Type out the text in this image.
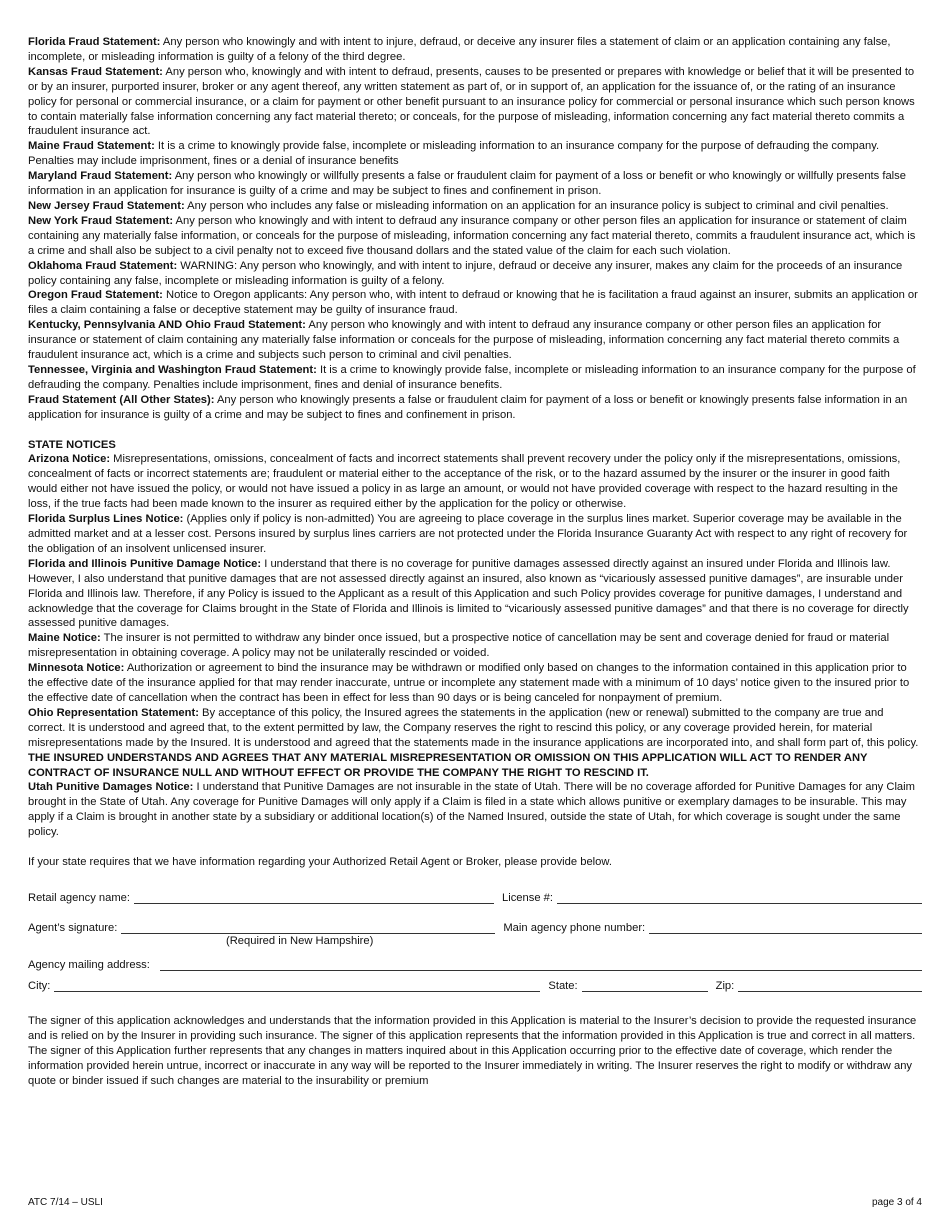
Florida Fraud Statement: Any person who knowingly and with intent to injure, defraud, or deceive any insurer files a statement of claim or an application containing any false, incomplete, or misleading information is guilty of a felony of the third degree.

Kansas Fraud Statement: Any person who, knowingly and with intent to defraud, presents, causes to be presented or prepares with knowledge or belief that it will be presented to or by an insurer, purported insurer, broker or any agent thereof, any written statement as part of, or in support of, an application for the issuance of, or the rating of an insurance policy for personal or commercial insurance, or a claim for payment or other benefit pursuant to an insurance policy for commercial or personal insurance which such person knows to contain materially false information concerning any fact material thereto; or conceals, for the purpose of misleading, information concerning any fact material thereto commits a fraudulent insurance act.

Maine Fraud Statement: It is a crime to knowingly provide false, incomplete or misleading information to an insurance company for the purpose of defrauding the company. Penalties may include imprisonment, fines or a denial of insurance benefits

Maryland Fraud Statement: Any person who knowingly or willfully presents a false or fraudulent claim for payment of a loss or benefit or who knowingly or willfully presents false information in an application for insurance is guilty of a crime and may be subject to fines and confinement in prison.

New Jersey Fraud Statement: Any person who includes any false or misleading information on an application for an insurance policy is subject to criminal and civil penalties.

New York Fraud Statement: Any person who knowingly and with intent to defraud any insurance company or other person files an application for insurance or statement of claim containing any materially false information, or conceals for the purpose of misleading, information concerning any fact material thereto, commits a fraudulent insurance act, which is a crime and shall also be subject to a civil penalty not to exceed five thousand dollars and the stated value of the claim for each such violation.

Oklahoma Fraud Statement: WARNING: Any person who knowingly, and with intent to injure, defraud or deceive any insurer, makes any claim for the proceeds of an insurance policy containing any false, incomplete or misleading information is guilty of a felony.

Oregon Fraud Statement: Notice to Oregon applicants: Any person who, with intent to defraud or knowing that he is facilitation a fraud against an insurer, submits an application or files a claim containing a false or deceptive statement may be guilty of insurance fraud.

Kentucky, Pennsylvania AND Ohio Fraud Statement: Any person who knowingly and with intent to defraud any insurance company or other person files an application for insurance or statement of claim containing any materially false information or conceals for the purpose of misleading, information concerning any fact material thereto commits a fraudulent insurance act, which is a crime and subjects such person to criminal and civil penalties.

Tennessee, Virginia and Washington Fraud Statement: It is a crime to knowingly provide false, incomplete or misleading information to an insurance company for the purpose of defrauding the company. Penalties include imprisonment, fines and denial of insurance benefits.

Fraud Statement (All Other States): Any person who knowingly presents a false or fraudulent claim for payment of a loss or benefit or knowingly presents false information in an application for insurance is guilty of a crime and may be subject to fines and confinement in prison.

STATE NOTICES

Arizona Notice: Misrepresentations, omissions, concealment of facts and incorrect statements shall prevent recovery under the policy only if the misrepresentations, omissions, concealment of facts or incorrect statements are; fraudulent or material either to the acceptance of the risk, or to the hazard assumed by the insurer or the insurer in good faith would either not have issued the policy, or would not have issued a policy in as large an amount, or would not have provided coverage with respect to the hazard resulting in the loss, if the true facts had been made known to the insurer as required either by the application for the policy or otherwise.

Florida Surplus Lines Notice: (Applies only if policy is non-admitted) You are agreeing to place coverage in the surplus lines market. Superior coverage may be available in the admitted market and at a lesser cost. Persons insured by surplus lines carriers are not protected under the Florida Insurance Guaranty Act with respect to any right of recovery for the obligation of an insolvent unlicensed insurer.

Florida and Illinois Punitive Damage Notice: I understand that there is no coverage for punitive damages assessed directly against an insured under Florida and Illinois law. However, I also understand that punitive damages that are not assessed directly against an insured, also known as “vicariously assessed punitive damages”, are insurable under Florida and Illinois law. Therefore, if any Policy is issued to the Applicant as a result of this Application and such Policy provides coverage for punitive damages, I understand and acknowledge that the coverage for Claims brought in the State of Florida and Illinois is limited to “vicariously assessed punitive damages” and that there is no coverage for directly assessed punitive damages.

Maine Notice: The insurer is not permitted to withdraw any binder once issued, but a prospective notice of cancellation may be sent and coverage denied for fraud or material misrepresentation in obtaining coverage. A policy may not be unilaterally rescinded or voided.

Minnesota Notice: Authorization or agreement to bind the insurance may be withdrawn or modified only based on changes to the information contained in this application prior to the effective date of the insurance applied for that may render inaccurate, untrue or incomplete any statement made with a minimum of 10 days’ notice given to the insured prior to the effective date of cancellation when the contract has been in effect for less than 90 days or is being canceled for nonpayment of premium.

Ohio Representation Statement: By acceptance of this policy, the Insured agrees the statements in the application (new or renewal) submitted to the company are true and correct. It is understood and agreed that, to the extent permitted by law, the Company reserves the right to rescind this policy, or any coverage provided herein, for material misrepresentations made by the Insured. It is understood and agreed that the statements made in the insurance applications are incorporated into, and shall form part of, this policy. THE INSURED UNDERSTANDS AND AGREES THAT ANY MATERIAL MISREPRESENTATION OR OMISSION ON THIS APPLICATION WILL ACT TO RENDER ANY CONTRACT OF INSURANCE NULL AND WITHOUT EFFECT OR PROVIDE THE COMPANY THE RIGHT TO RESCIND IT.

Utah Punitive Damages Notice: I understand that Punitive Damages are not insurable in the state of Utah. There will be no coverage afforded for Punitive Damages for any Claim brought in the State of Utah. Any coverage for Punitive Damages will only apply if a Claim is filed in a state which allows punitive or exemplary damages to be insurable. This may apply if a Claim is brought in another state by a subsidiary or additional location(s) of the Named Insured, outside the state of Utah, for which coverage is sought under the same policy.

If your state requires that we have information regarding your Authorized Retail Agent or Broker, please provide below.

Retail agency name:	License #:
Agent’s signature:	Main agency phone number:
(Required in New Hampshire)
Agency mailing address:
City:	State:	Zip:

The signer of this application acknowledges and understands that the information provided in this Application is material to the Insurer’s decision to provide the requested insurance and is relied on by the Insurer in providing such insurance. The signer of this application represents that the information provided in this Application is true and correct in all matters. The signer of this Application further represents that any changes in matters inquired about in this Application occurring prior to the effective date of coverage, which render the information provided herein untrue, incorrect or inaccurate in any way will be reported to the Insurer immediately in writing. The Insurer reserves the right to modify or withdraw any quote or binder issued if such changes are material to the insurability or premium

ATC 7/14 – USLI	page 3 of 4
